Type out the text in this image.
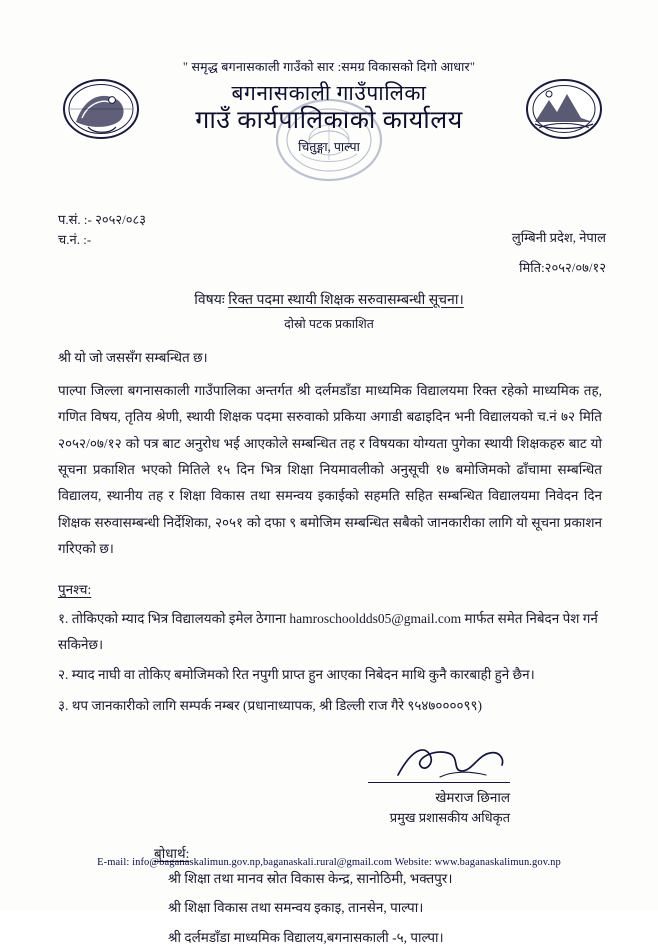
" समृद्ध बगनासकाली गाउँको सार :समग्र विकासको दिगो आधार"
बगनासकाली गाउँपालिका
गाउँ कार्यपालिकाको कार्यालय
चितुङ्गा, पाल्पा
प.सं. :- २०५२/०८३
च.नं. :-	लुम्बिनी प्रदेश, नेपाल
मिति:२०५२/०७/१२
विषयः रिक्त पदमा स्थायी शिक्षक सरुवासम्बन्धी सूचना।
दोस्रो पटक प्रकाशित
श्री यो जो जससँग सम्बन्धित छ।
पाल्पा जिल्ला बगनासकाली गाउँपालिका अन्तर्गत श्री दर्लमडाँडा माध्यमिक विद्यालयमा रिक्त रहेको माध्यमिक तह, गणित विषय, तृतिय श्रेणी, स्थायी शिक्षक पदमा सरुवाको प्रकिया अगाडी बढाइदिन भनी विद्यालयको च.नं ७२ मिति २०५२/०७/१२ को पत्र बाट अनुरोध भई आएकोले सम्बन्धित तह र विषयका योग्यता पुगेका स्थायी शिक्षकहरु बाट यो सूचना प्रकाशित भएको मितिले १५ दिन भित्र शिक्षा नियमावलीको अनुसूची १७ बमोजिमको ढाँचामा सम्बन्धित विद्यालय, स्थानीय तह र शिक्षा विकास तथा समन्वय इकाईको सहमति सहित सम्बन्धित विद्यालयमा निवेदन दिन शिक्षक सरुवासम्बन्धी निर्देशिका, २०५१ को दफा ९ बमोजिम सम्बन्धित सबैको जानकारीका लागि यो सूचना प्रकाशन गरिएको छ।
पुनश्च:
१. तोकिएको म्याद भित्र विद्यालयको इमेल ठेगाना hamroschooldds05@gmail.com मार्फत समेत निबेदन पेश गर्न सकिनेछ।
२. म्याद नाघी वा तोकिए बमोजिमको रित नपुगी प्राप्त हुन आएका निबेदन माथि कुनै कारबाही हुने छैन।
३. थप जानकारीको लागि सम्पर्क नम्बर (प्रधानाध्यापक, श्री डिल्ली राज गैरे ९५४७००००९९)
खेमराज छिनाल
प्रमुख प्रशासकीय अधिकृत
बोधार्थ:
श्री शिक्षा तथा मानव स्रोत विकास केन्द्र, सानोठिमी, भक्तपुर।
श्री शिक्षा विकास तथा समन्वय इकाइ, तानसेन, पाल्पा।
श्री दर्लमडाँडा माध्यमिक विद्यालय,बगनासकाली -५, पाल्पा।
E-mail: info@baganaskalimun.gov.np,baganaskali.rural@gmail.com Website: www.baganaskalimun.gov.np
